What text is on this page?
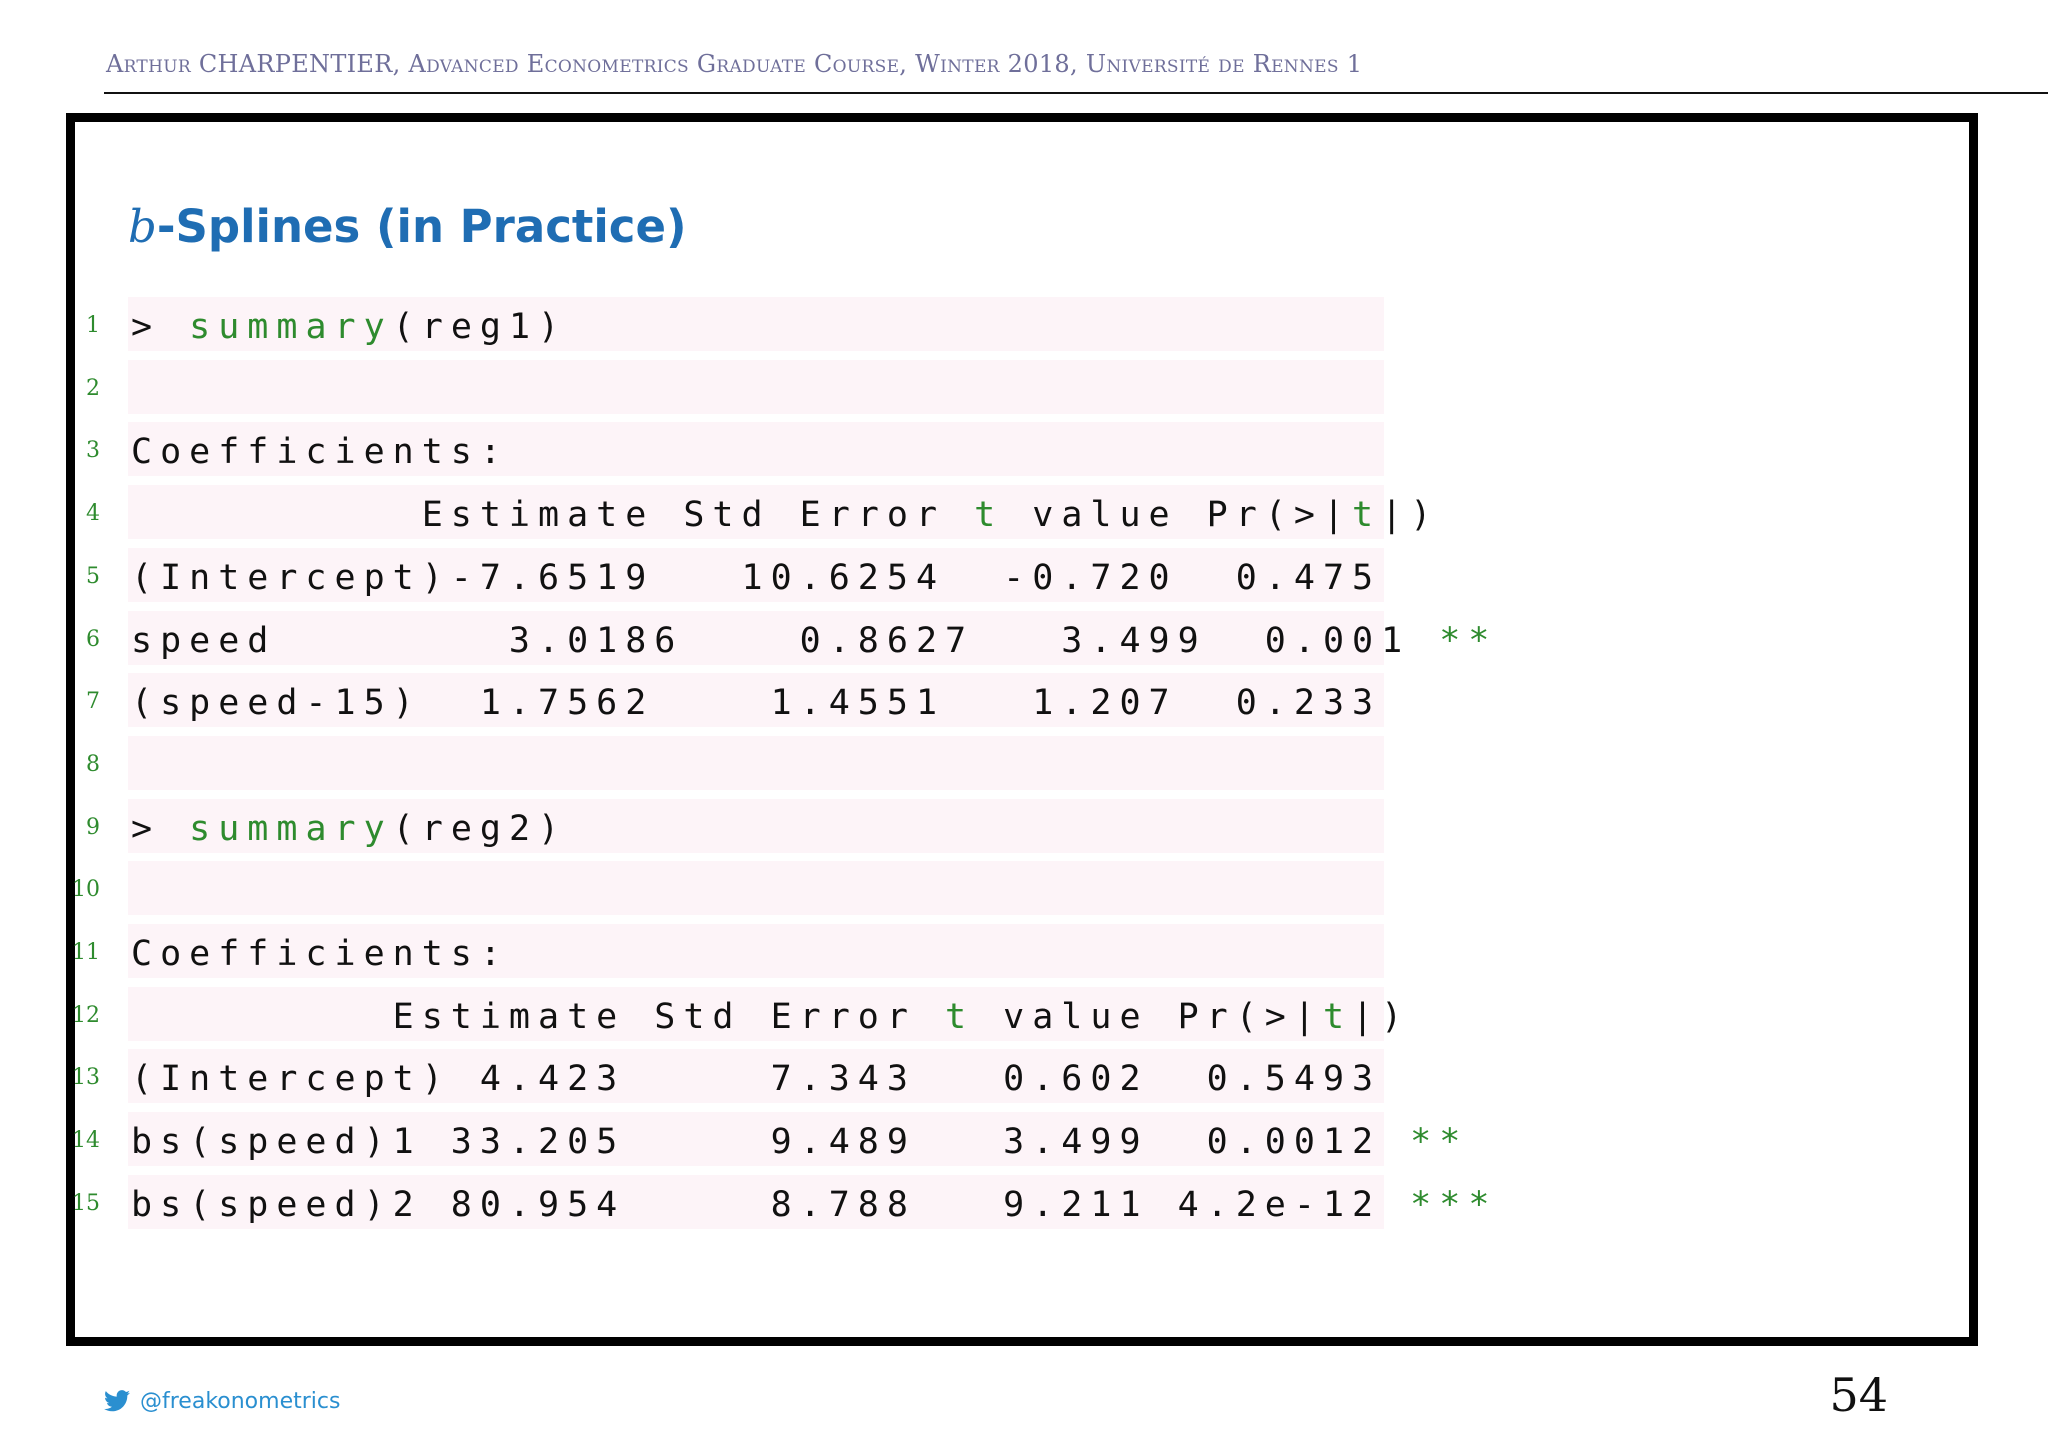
Arthur CHARPENTIER, Advanced Econometrics Graduate Course, Winter 2018, Université de Rennes 1
b-Splines (in Practice)
> summary(reg1)
1
2
Coefficients:
3
Estimate Std Error t value Pr(>|t|)
4
(Intercept)-7.6519   10.6254  -0.720  0.475
5
speed        3.0186    0.8627   3.499  0.001 **
6
(speed-15)  1.7562    1.4551   1.207  0.233
7
8
> summary(reg2)
9
10
Coefficients:
11
Estimate Std Error t value Pr(>|t|)
12
(Intercept) 4.423     7.343   0.602  0.5493
13
bs(speed)1 33.205     9.489   3.499  0.0012 **
14
bs(speed)2 80.954     8.788   9.211 4.2e-12 ***
15
@freakonometrics	54
